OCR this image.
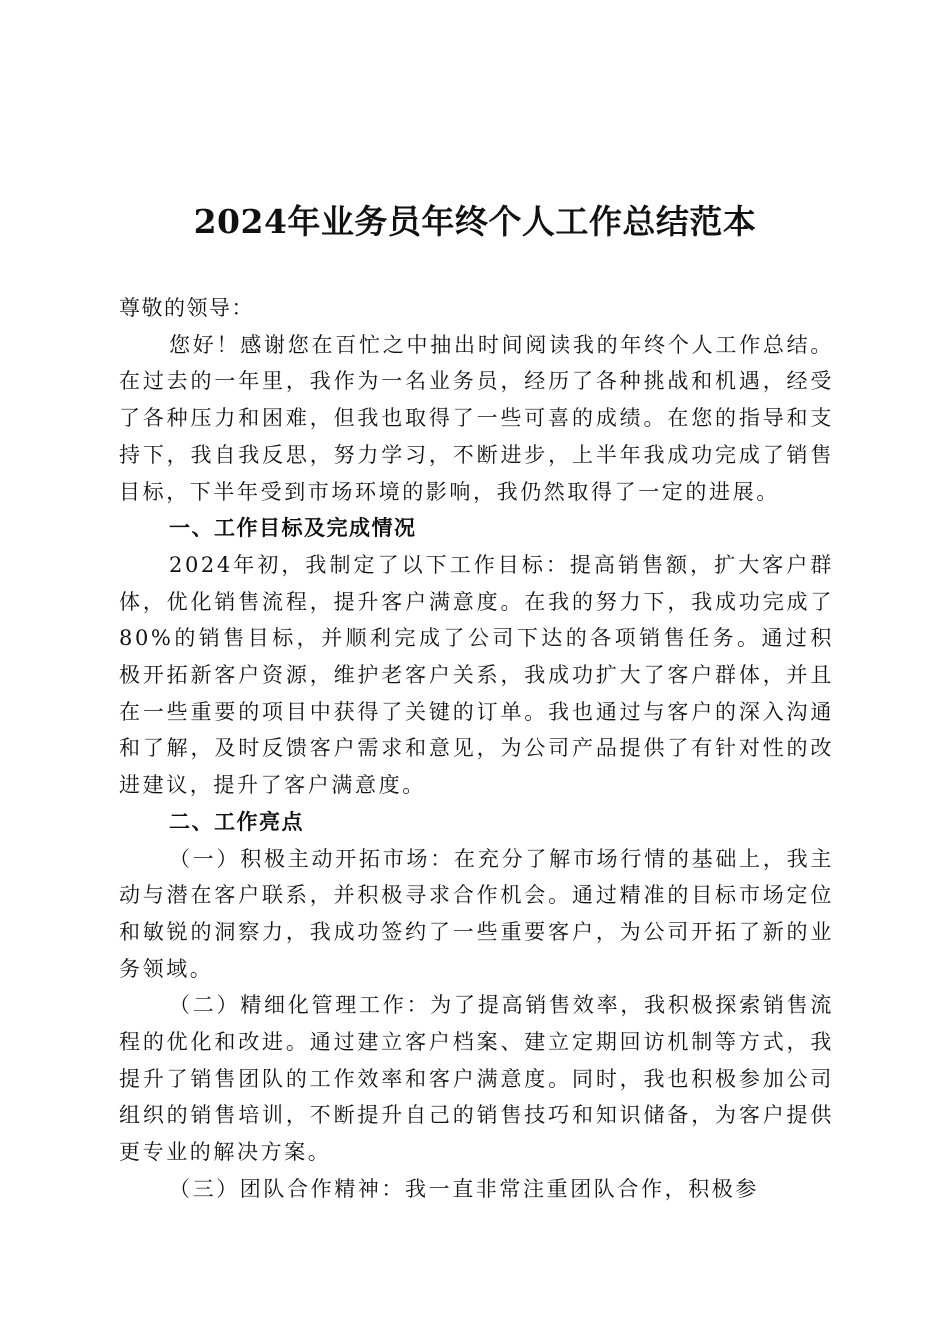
2024年业务员年终个人工作总结范本

尊敬的领导：

您好！感谢您在百忙之中抽出时间阅读我的年终个人工作总结。在过去的一年里，我作为一名业务员，经历了各种挑战和机遇，经受了各种压力和困难，但我也取得了一些可喜的成绩。在您的指导和支持下，我自我反思，努力学习，不断进步，上半年我成功完成了销售目标，下半年受到市场环境的影响，我仍然取得了一定的进展。

一、工作目标及完成情况

2024年初，我制定了以下工作目标：提高销售额，扩大客户群体，优化销售流程，提升客户满意度。在我的努力下，我成功完成了80%的销售目标，并顺利完成了公司下达的各项销售任务。通过积极开拓新客户资源，维护老客户关系，我成功扩大了客户群体，并且在一些重要的项目中获得了关键的订单。我也通过与客户的深入沟通和了解，及时反馈客户需求和意见，为公司产品提供了有针对性的改进建议，提升了客户满意度。

二、工作亮点

（一）积极主动开拓市场：在充分了解市场行情的基础上，我主动与潜在客户联系，并积极寻求合作机会。通过精准的目标市场定位和敏锐的洞察力，我成功签约了一些重要客户，为公司开拓了新的业务领域。

（二）精细化管理工作：为了提高销售效率，我积极探索销售流程的优化和改进。通过建立客户档案、建立定期回访机制等方式，我提升了销售团队的工作效率和客户满意度。同时，我也积极参加公司组织的销售培训，不断提升自己的销售技巧和知识储备，为客户提供更专业的解决方案。

（三）团队合作精神：我一直非常注重团队合作，积极参
